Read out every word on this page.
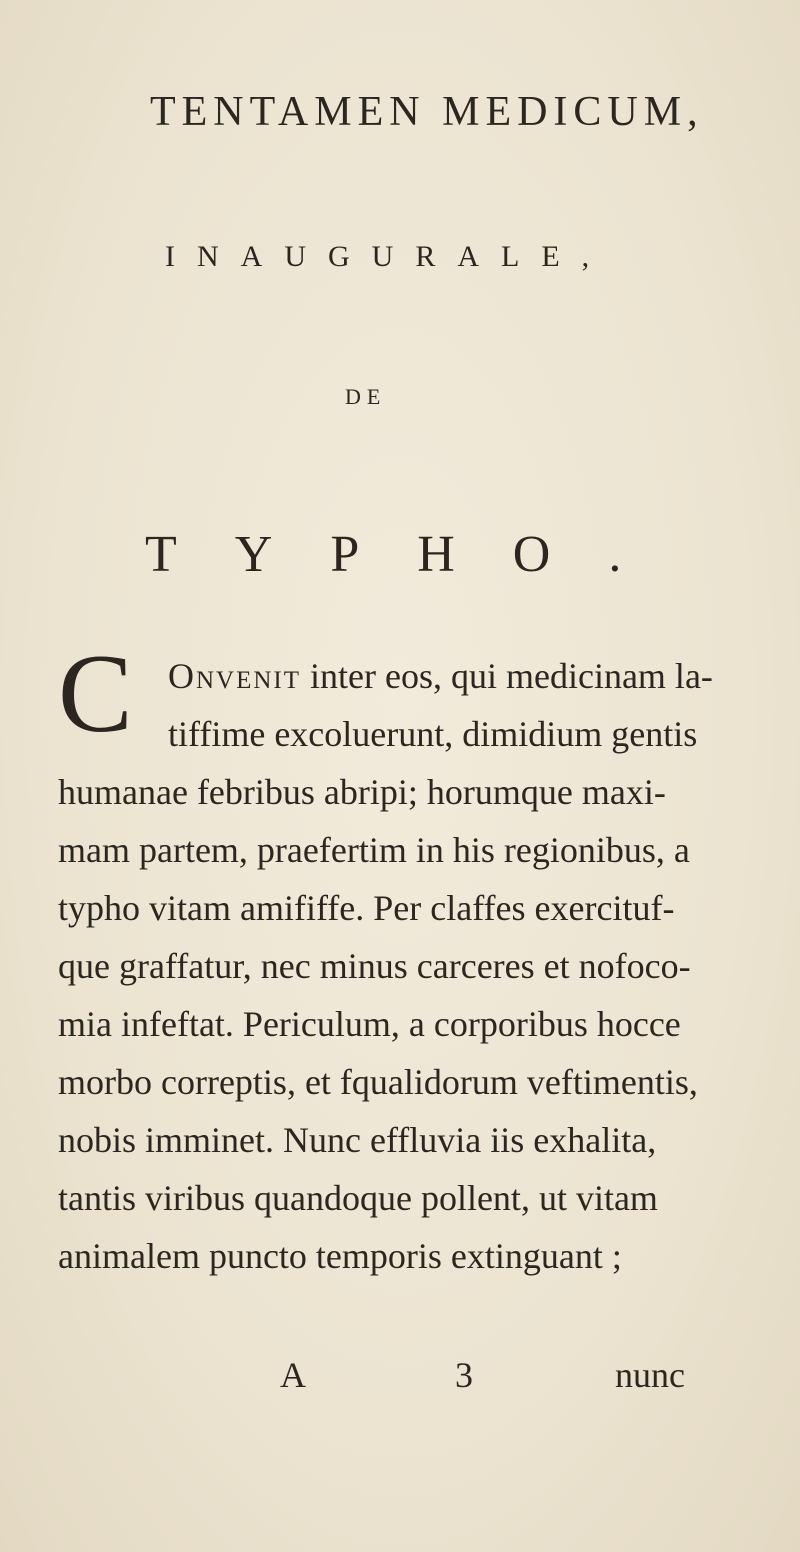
TENTAMEN MEDICUM,
INAUGURALE,
DE
TYPHO.
C Onvenit inter eos, qui medicinam la-
tiffime excoluerunt, dimidium gentis
humanae febribus abripi; horumque maxi-
mam partem, praefertim in his regionibus, a
typho vitam amififfe. Per claffes exercituf-
que graffatur, nec minus carceres et nofoco-
mia infeftat. Periculum, a corporibus hocce
morbo correptis, et fqualidorum veftimentis,
nobis imminet. Nunc effluvia iis exhalita,
tantis viribus quandoque pollent, ut vitam
animalem puncto temporis extinguant ;
A	3	nunc
